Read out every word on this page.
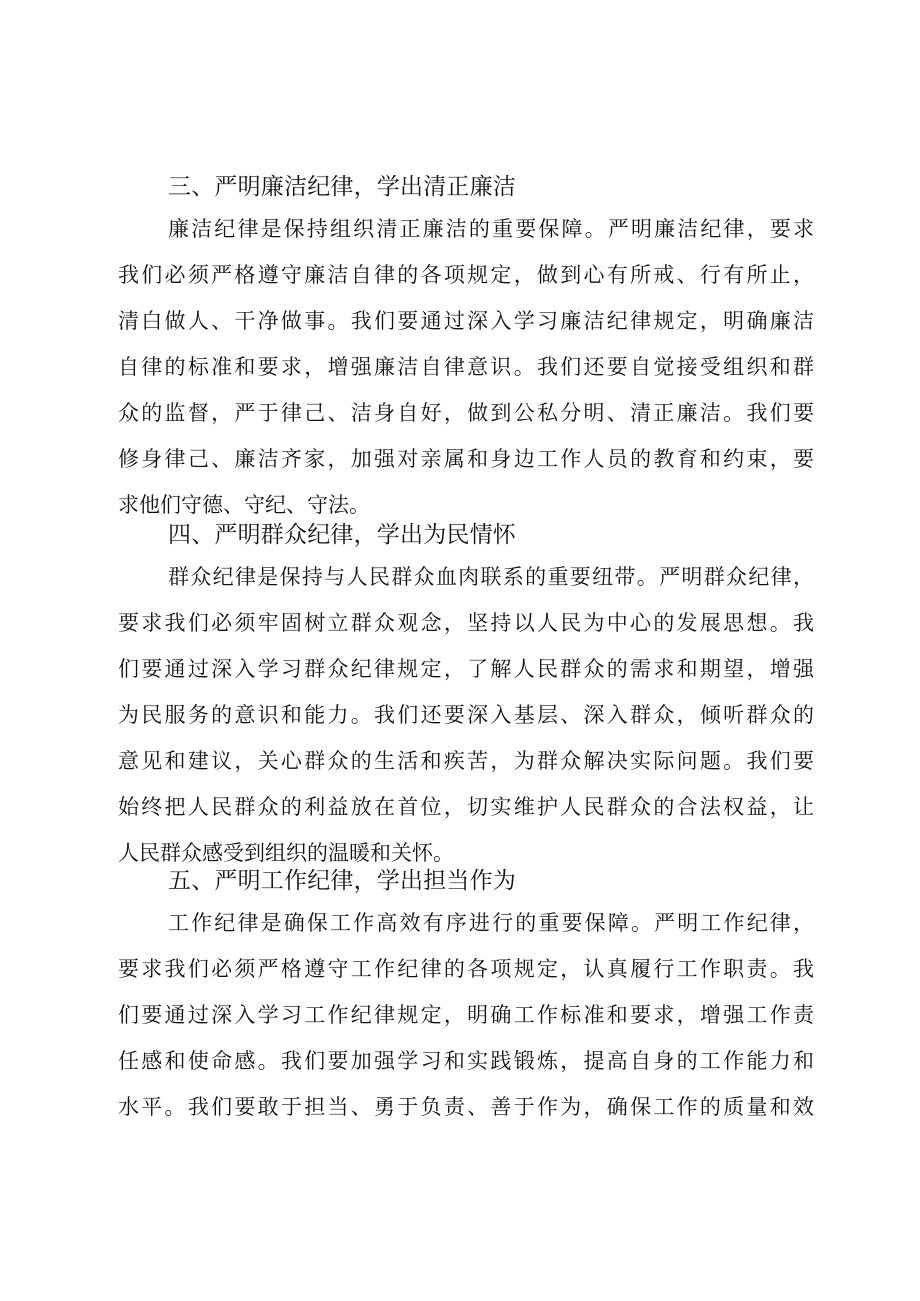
三、严明廉洁纪律，学出清正廉洁
廉洁纪律是保持组织清正廉洁的重要保障。严明廉洁纪律，要求
我们必须严格遵守廉洁自律的各项规定，做到心有所戒、行有所止，
清白做人、干净做事。我们要通过深入学习廉洁纪律规定，明确廉洁
自律的标准和要求，增强廉洁自律意识。我们还要自觉接受组织和群
众的监督，严于律己、洁身自好，做到公私分明、清正廉洁。我们要
修身律己、廉洁齐家，加强对亲属和身边工作人员的教育和约束，要
求他们守德、守纪、守法。
四、严明群众纪律，学出为民情怀
群众纪律是保持与人民群众血肉联系的重要纽带。严明群众纪律，
要求我们必须牢固树立群众观念，坚持以人民为中心的发展思想。我
们要通过深入学习群众纪律规定，了解人民群众的需求和期望，增强
为民服务的意识和能力。我们还要深入基层、深入群众，倾听群众的
意见和建议，关心群众的生活和疾苦，为群众解决实际问题。我们要
始终把人民群众的利益放在首位，切实维护人民群众的合法权益，让
人民群众感受到组织的温暖和关怀。
五、严明工作纪律，学出担当作为
工作纪律是确保工作高效有序进行的重要保障。严明工作纪律，
要求我们必须严格遵守工作纪律的各项规定，认真履行工作职责。我
们要通过深入学习工作纪律规定，明确工作标准和要求，增强工作责
任感和使命感。我们要加强学习和实践锻炼，提高自身的工作能力和
水平。我们要敢于担当、勇于负责、善于作为，确保工作的质量和效
